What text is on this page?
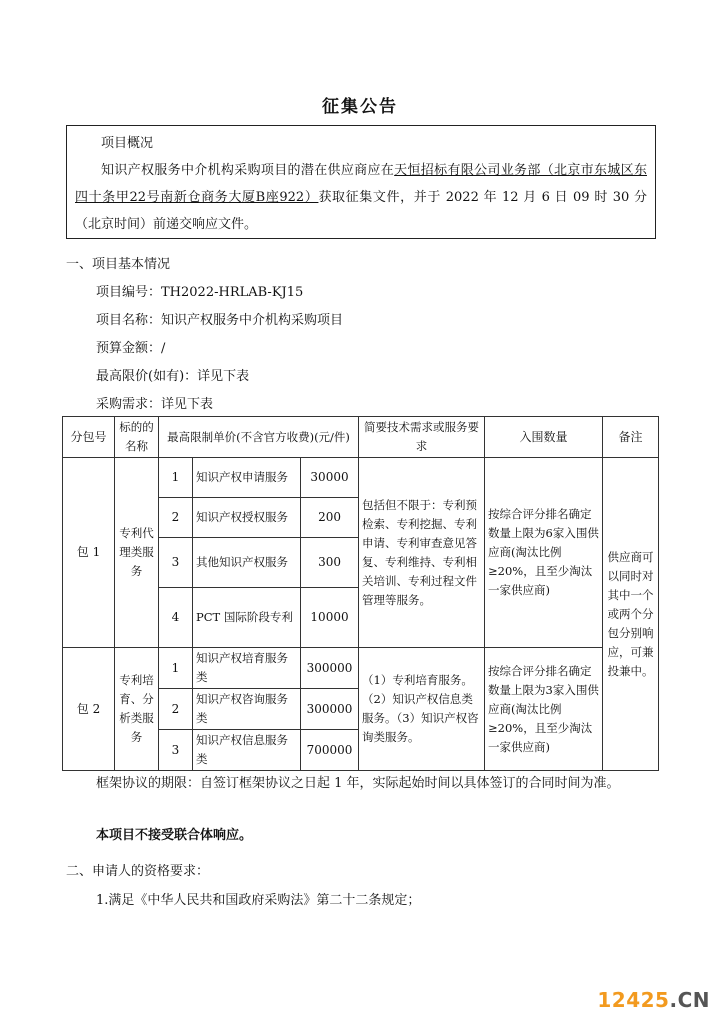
征集公告
项目概况
知识产权服务中介机构采购项目的潜在供应商应在天恒招标有限公司业务部（北京市东城区东四十条甲22号南新仓商务大厦B座922）获取征集文件，并于 2022 年 12 月 6 日 09 时 30 分（北京时间）前递交响应文件。
一、项目基本情况
项目编号：TH2022-HRLAB-KJ15
项目名称：知识产权服务中介机构采购项目
预算金额：/
最高限价(如有)：详见下表
采购需求：详见下表
分包号	标的的名称	最高限制单价(不含官方收费)(元/件)			简要技术需求或服务要求	入围数量	备注
包 1	专利代理类服务	1	知识产权申请服务	30000	包括但不限于：专利预检索、专利挖掘、专利申请、专利审查意见答复、专利维持、专利相关培训、专利过程文件管理等服务。	按综合评分排名确定数量上限为6家入围供应商(淘汰比例≥20%，且至少淘汰一家供应商)	供应商可以同时对其中一个或两个分包分别响应，可兼投兼中。
		2	知识产权授权服务	200			
		3	其他知识产权服务	300			
		4	PCT 国际阶段专利	10000			
包 2	专利培育、分析类服务	1	知识产权培育服务类	300000	（1）专利培育服务。（2）知识产权信息类服务。（3）知识产权咨询类服务。	按综合评分排名确定数量上限为3家入围供应商(淘汰比例≥20%，且至少淘汰一家供应商)	
		2	知识产权咨询服务类	300000			
		3	知识产权信息服务类	700000			
框架协议的期限：自签订框架协议之日起 1 年，实际起始时间以具体签订的合同时间为准。
本项目不接受联合体响应。
二、申请人的资格要求：
1.满足《中华人民共和国政府采购法》第二十二条规定；
12425.CN
